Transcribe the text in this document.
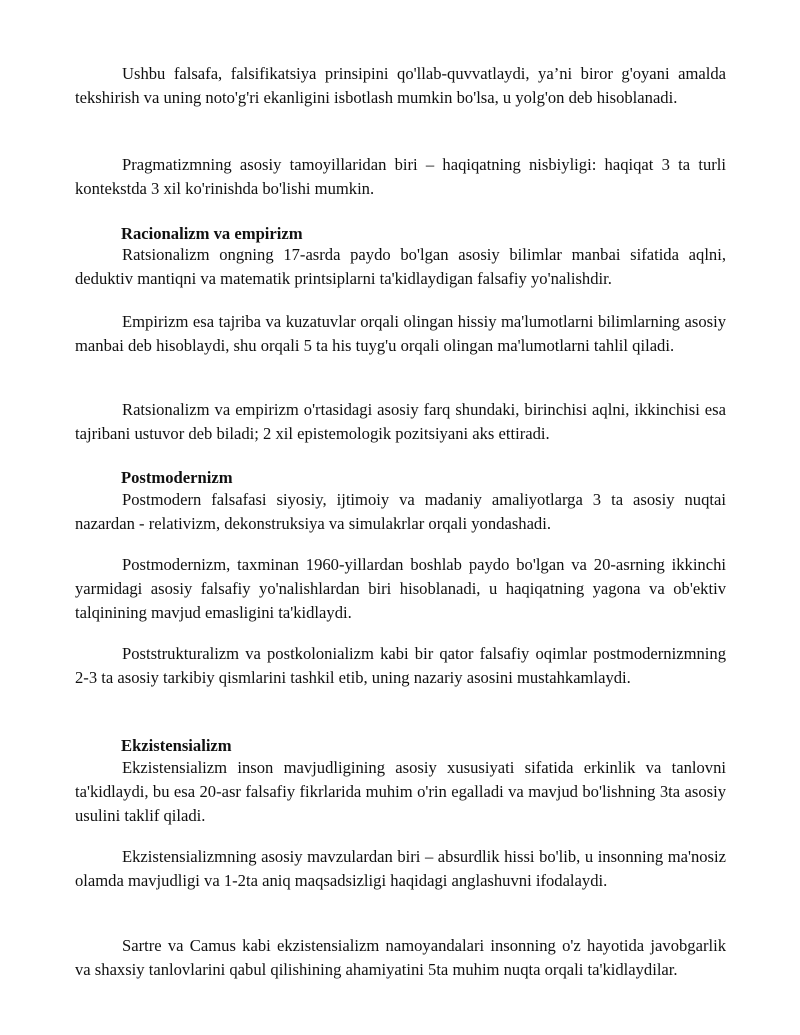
Ushbu falsafa, falsifikatsiya prinsipini qo'llab-quvvatlaydi, ya’ni biror g'oyani amalda tekshirish va uning noto'g'ri ekanligini isbotlash mumkin bo'lsa, u yolg'on deb hisoblanadi.

Pragmatizmning asosiy tamoyillaridan biri – haqiqatning nisbiyligi: haqiqat 3 ta turli kontekstda 3 xil ko'rinishda bo'lishi mumkin.

Racionalizm va empirizm

Ratsionalizm ongning 17-asrda paydo bo'lgan asosiy bilimlar manbai sifatida aqlni, deduktiv mantiqni va matematik printsiplarni ta'kidlaydigan falsafiy yo'nalishdir.

Empirizm esa tajriba va kuzatuvlar orqali olingan hissiy ma'lumotlarni bilimlarning asosiy manbai deb hisoblaydi, shu orqali 5 ta his tuyg'u orqali olingan ma'lumotlarni tahlil qiladi.

Ratsionalizm va empirizm o'rtasidagi asosiy farq shundaki, birinchisi aqlni, ikkinchisi esa tajribani ustuvor deb biladi; 2 xil epistemologik pozitsiyani aks ettiradi.

Postmodernizm

Postmodern falsafasi siyosiy, ijtimoiy va madaniy amaliyotlarga 3 ta asosiy nuqtai nazardan - relativizm, dekonstruksiya va simulakrlar orqali yondashadi.

Postmodernizm, taxminan 1960-yillardan boshlab paydo bo'lgan va 20-asrning ikkinchi yarmidagi asosiy falsafiy yo'nalishlardan biri hisoblanadi, u haqiqatning yagona va ob'ektiv talqinining mavjud emasligini ta'kidlaydi.

Poststrukturalizm va postkolonializm kabi bir qator falsafiy oqimlar postmodernizmning 2-3 ta asosiy tarkibiy qismlarini tashkil etib, uning nazariy asosini mustahkamlaydi.

Ekzistensializm

Ekzistensializm inson mavjudligining asosiy xususiyati sifatida erkinlik va tanlovni ta'kidlaydi, bu esa 20-asr falsafiy fikrlarida muhim o'rin egalladi va mavjud bo'lishning 3ta asosiy usulini taklif qiladi.

Ekzistensializmning asosiy mavzulardan biri – absurdlik hissi bo'lib, u insonning ma'nosiz olamda mavjudligi va 1-2ta aniq maqsadsizligi haqidagi anglashuvni ifodalaydi.

Sartre va Camus kabi ekzistensializm namoyandalari insonning o'z hayotida javobgarlik va shaxsiy tanlovlarini qabul qilishining ahamiyatini 5ta muhim nuqta orqali ta'kidlaydilar.
